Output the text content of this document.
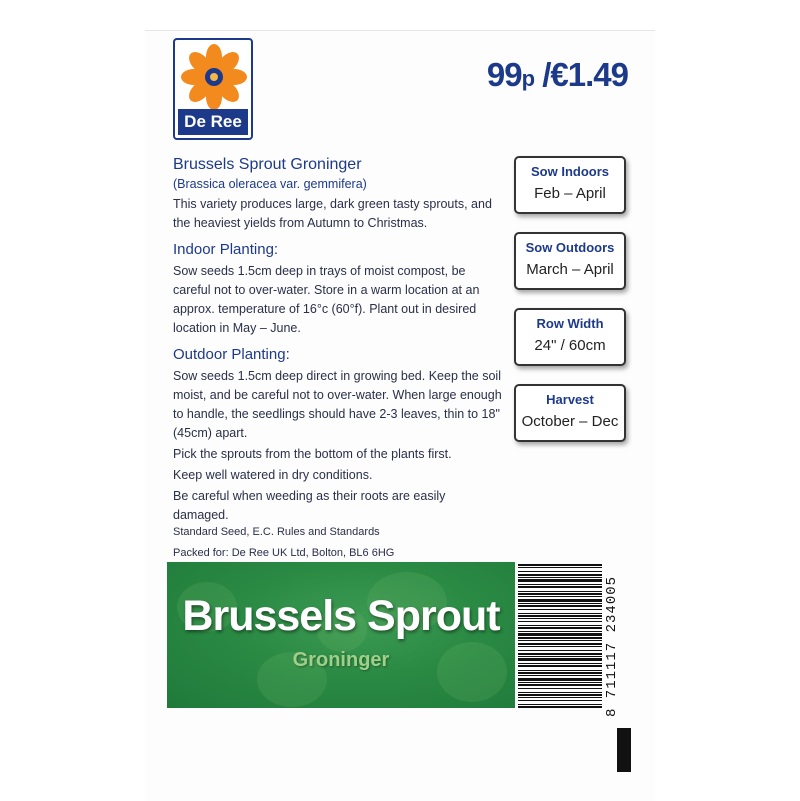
De Ree
99p /€1.49
Brussels Sprout Groninger
(Brassica oleracea var. gemmifera)

This variety produces large, dark green tasty sprouts, and the heaviest yields from Autumn to Christmas.

Indoor Planting:

Sow seeds 1.5cm deep in trays of moist compost, be careful not to over-water. Store in a warm location at an approx. temperature of 16°c (60°f). Plant out in desired location in May – June.

Outdoor Planting:

Sow seeds 1.5cm deep direct in growing bed. Keep the soil moist, and be careful not to over-water. When large enough to handle, the seedlings should have 2-3 leaves, thin to 18" (45cm) apart.

Pick the sprouts from the bottom of the plants first.

Keep well watered in dry conditions.

Be careful when weeding as their roots are easily damaged.

Standard Seed, E.C. Rules and Standards
Packed for: De Ree UK Ltd, Bolton, BL6 6HG
Sow Indoors
Feb – April
Sow Outdoors
March – April
Row Width
24" / 60cm
Harvest
October – Dec
Brussels Sprout
Groninger	8 711117 234005
